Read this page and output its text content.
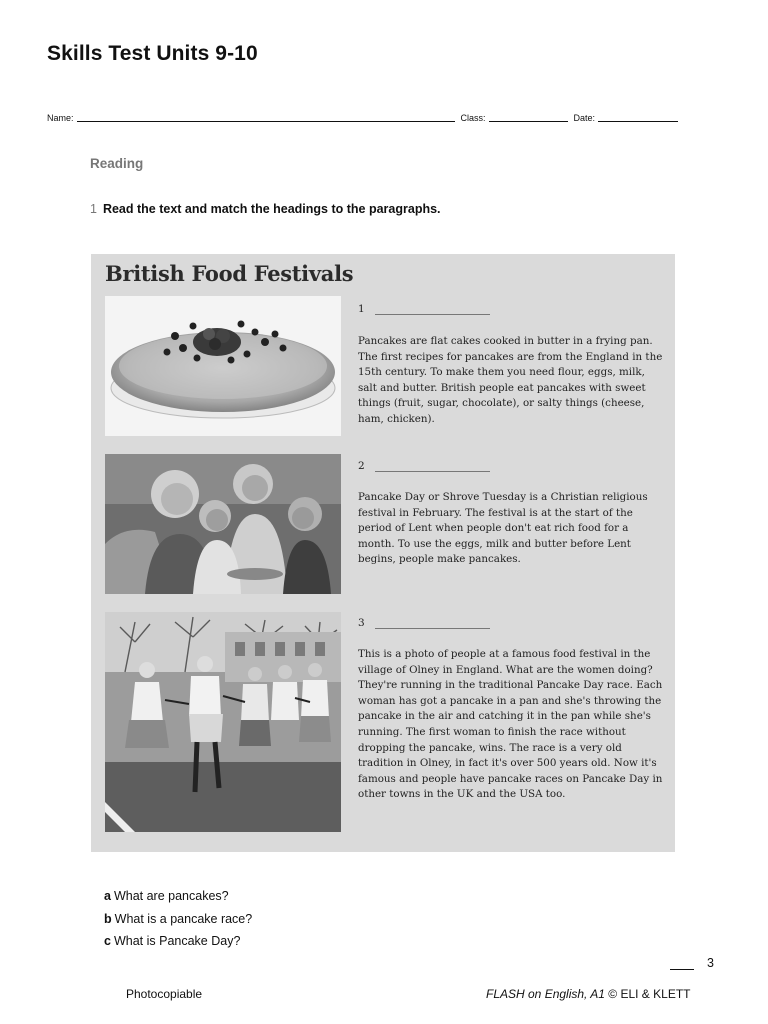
Skills Test Units 9-10
Name:	Class:	Date:
Reading
1 Read the text and match the headings to the paragraphs.
British Food Festivals
1

Pancakes are flat cakes cooked in butter in a frying pan. The first recipes for pancakes are from the England in the 15th century. To make them you need flour, eggs, milk, salt and butter. British people eat pancakes with sweet things (fruit, sugar, chocolate), or salty things (cheese, ham, chicken).

2

Pancake Day or Shrove Tuesday is a Christian religious festival in February. The festival is at the start of the period of Lent when people don't eat rich food for a month. To use the eggs, milk and butter before Lent begins, people make pancakes.

3

This is a photo of people at a famous food festival in the village of Olney in England. What are the women doing? They're running in the traditional Pancake Day race. Each woman has got a pancake in a pan and she's throwing the pancake in the air and catching it in the pan while she's running. The first woman to finish the race without dropping the pancake, wins. The race is a very old tradition in Olney, in fact it's over 500 years old. Now it's famous and people have pancake races on Pancake Day in other towns in the UK and the USA too.

a What are pancakes?
b What is a pancake race?
c What is Pancake Day?
3
Photocopiable	FLASH on English, A1 © ELI & KLETT
